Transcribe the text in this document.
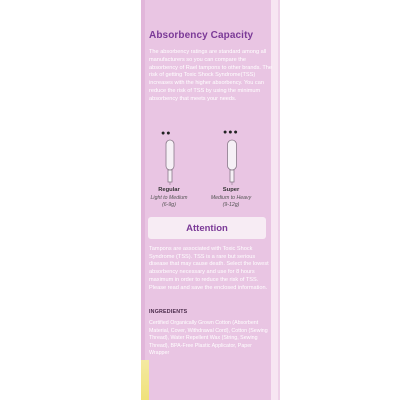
Absorbency Capacity
The absorbency ratings are standard among all manufacturers so you can compare the absorbency of Rael tampons to other brands. The risk of getting Toxic Shock Syndrome(TSS) increases with the higher absorbency. You can reduce the risk of TSS by using the minimum absorbency that meets your needs.
●●	●●●
Regular
Light to Medium
(6-9g)
Super
Medium to Heavy
(9-12g)
Attention
Tampons are associated with Toxic Shock Syndrome (TSS). TSS is a rare but serious disease that may cause death. Select the lowest absorbency necessary and use for 8 hours maximum in order to reduce the risk of TSS. Please read and save the enclosed information.
INGREDIENTS
Certified Organically Grown Cotton (Absorbent Material, Cover, Withdrawal Cord), Cotton (Sewing Thread), Water Repellent Wax (String, Sewing Thread), BPA-Free Plastic Applicator, Paper Wrapper
